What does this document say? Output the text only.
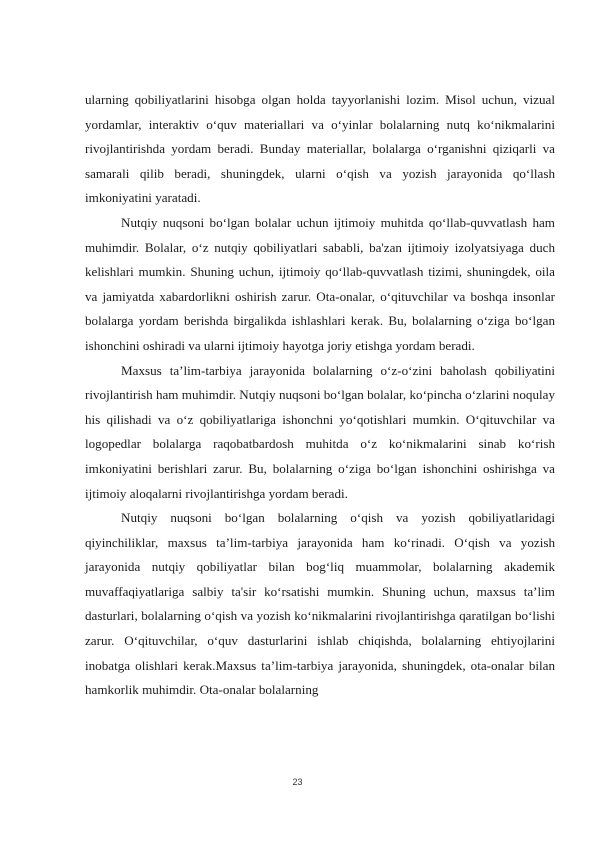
ularning qobiliyatlarini hisobga olgan holda tayyorlanishi lozim. Misol uchun, vizual yordamlar, interaktiv o‘quv materiallari va o‘yinlar bolalarning nutq ko‘nikmalarini rivojlantirishda yordam beradi. Bunday materiallar, bolalarga o‘rganishni qiziqarli va samarali qilib beradi, shuningdek, ularni o‘qish va yozish jarayonida qo‘llash imkoniyatini yaratadi.

Nutqiy nuqsoni bo‘lgan bolalar uchun ijtimoiy muhitda qo‘llab-quvvatlash ham muhimdir. Bolalar, o‘z nutqiy qobiliyatlari sababli, ba'zan ijtimoiy izolyatsiyaga duch kelishlari mumkin. Shuning uchun, ijtimoiy qo‘llab-quvvatlash tizimi, shuningdek, oila va jamiyatda xabardorlikni oshirish zarur. Ota-onalar, o‘qituvchilar va boshqa insonlar bolalarga yordam berishda birgalikda ishlashlari kerak. Bu, bolalarning o‘ziga bo‘lgan ishonchini oshiradi va ularni ijtimoiy hayotga joriy etishga yordam beradi.

Maxsus ta’lim-tarbiya jarayonida bolalarning o‘z-o‘zini baholash qobiliyatini rivojlantirish ham muhimdir. Nutqiy nuqsoni bo‘lgan bolalar, ko‘pincha o‘zlarini noqulay his qilishadi va o‘z qobiliyatlariga ishonchni yo‘qotishlari mumkin. O‘qituvchilar va logopedlar bolalarga raqobatbardosh muhitda o‘z ko‘nikmalarini sinab ko‘rish imkoniyatini berishlari zarur. Bu, bolalarning o‘ziga bo‘lgan ishonchini oshirishga va ijtimoiy aloqalarni rivojlantirishga yordam beradi.

Nutqiy nuqsoni bo‘lgan bolalarning o‘qish va yozish qobiliyatlaridagi qiyinchiliklar, maxsus ta’lim-tarbiya jarayonida ham ko‘rinadi. O‘qish va yozish jarayonida nutqiy qobiliyatlar bilan bog‘liq muammolar, bolalarning akademik muvaffaqiyatlariga salbiy ta'sir ko‘rsatishi mumkin. Shuning uchun, maxsus ta’lim dasturlari, bolalarning o‘qish va yozish ko‘nikmalarini rivojlantirishga qaratilgan bo‘lishi zarur. O‘qituvchilar, o‘quv dasturlarini ishlab chiqishda, bolalarning ehtiyojlarini inobatga olishlari kerak.Maxsus ta’lim-tarbiya jarayonida, shuningdek, ota-onalar bilan hamkorlik muhimdir. Ota-onalar bolalarning

23
